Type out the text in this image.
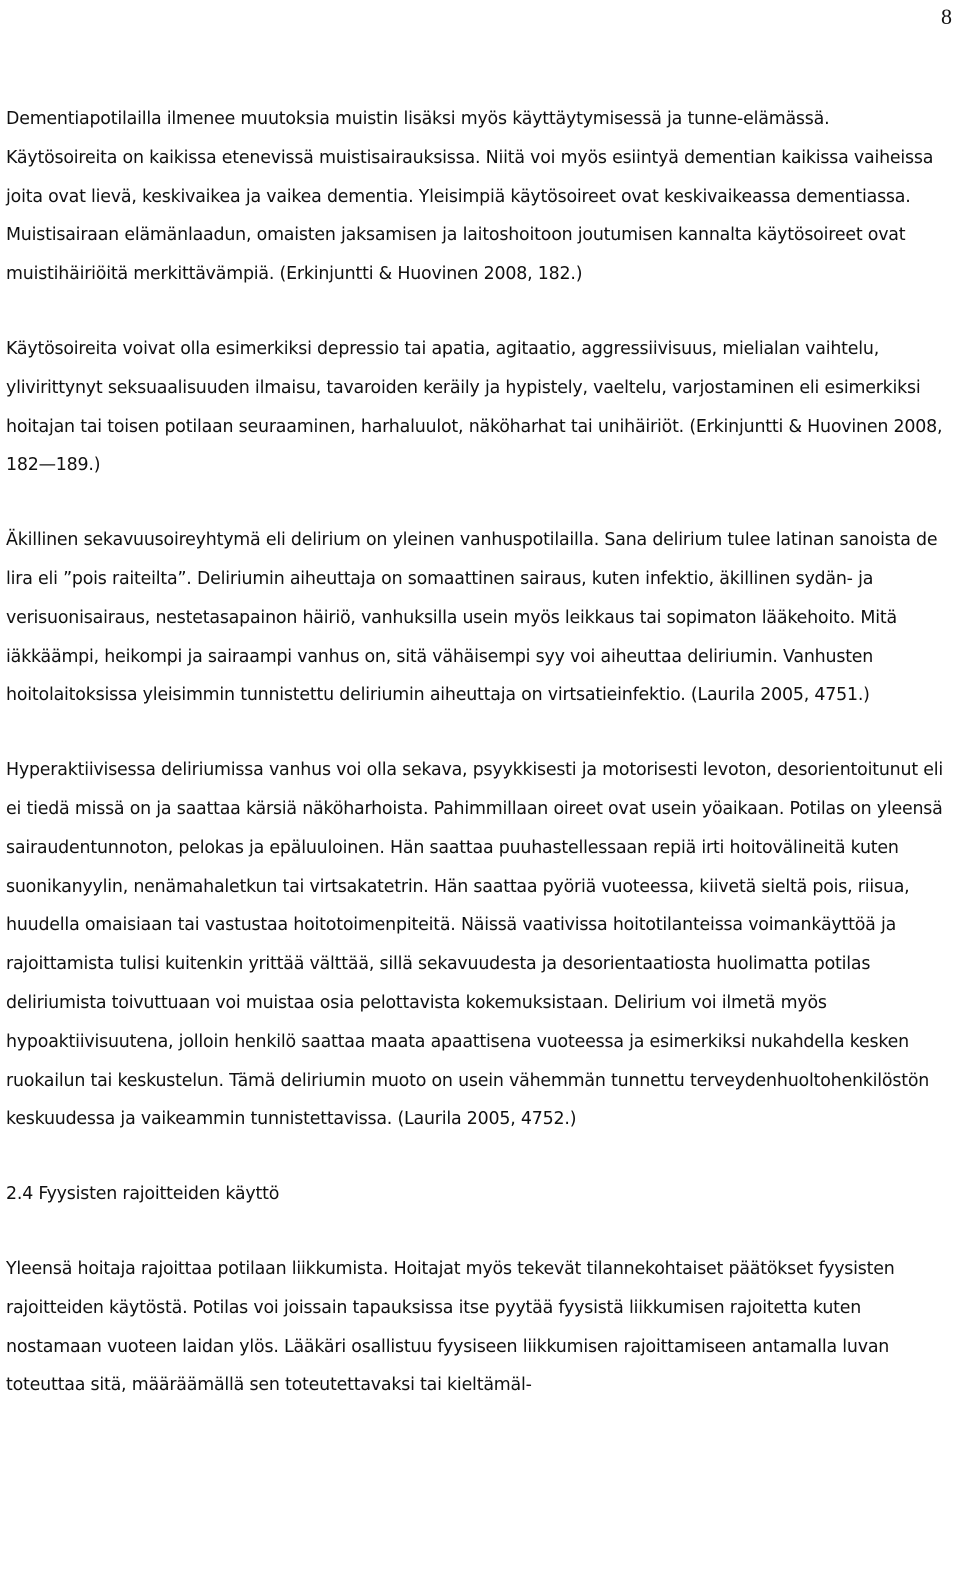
8

Dementiapotilailla ilmenee muutoksia muistin lisäksi myös käyttäytymisessä ja tunne-elämässä. Käytösoireita on kaikissa etenevissä muistisairauksissa. Niitä voi myös esiintyä dementian kaikissa vaiheissa joita ovat lievä, keskivaikea ja vaikea dementia. Yleisimpiä käytösoireet ovat keskivaikeassa dementiassa. Muistisairaan elämänlaadun, omaisten jaksamisen ja laitoshoitoon joutumisen kannalta käytösoireet ovat muistihäiriöitä merkittävämpiä. (Erkinjuntti & Huovinen 2008, 182.)

Käytösoireita voivat olla esimerkiksi depressio tai apatia, agitaatio, aggressiivisuus, mielialan vaihtelu, ylivirittynyt seksuaalisuuden ilmaisu, tavaroiden keräily ja hypistely, vaeltelu, varjostaminen eli esimerkiksi hoitajan tai toisen potilaan seuraaminen, harhaluulot, näköharhat tai unihäiriöt. (Erkinjuntti & Huovinen 2008, 182—189.)

Äkillinen sekavuusoireyhtymä eli delirium on yleinen vanhuspotilailla. Sana delirium tulee latinan sanoista de lira eli ”pois raiteilta”. Deliriumin aiheuttaja on somaattinen sairaus, kuten infektio, äkillinen sydän- ja verisuonisairaus, nestetasapainon häiriö, vanhuksilla usein myös leikkaus tai sopimaton lääkehoito. Mitä iäkkäämpi, heikompi ja sairaampi vanhus on, sitä vähäisempi syy voi aiheuttaa deliriumin. Vanhusten hoitolaitoksissa yleisimmin tunnistettu deliriumin aiheuttaja on virtsatieinfektio. (Laurila 2005, 4751.)

Hyperaktiivisessa deliriumissa vanhus voi olla sekava, psyykkisesti ja motorisesti levoton, desorientoitunut eli ei tiedä missä on ja saattaa kärsiä näköharhoista. Pahimmillaan oireet ovat usein yöaikaan. Potilas on yleensä sairaudentunnoton, pelokas ja epäluuloinen. Hän saattaa puuhastellessaan repiä irti hoitovälineitä kuten suonikanyylin, nenämahaletkun tai virtsakatetrin. Hän saattaa pyöriä vuoteessa, kiivetä sieltä pois, riisua, huudella omaisiaan tai vastustaa hoitotoimenpiteitä. Näissä vaativissa hoitotilanteissa voimankäyttöä ja rajoittamista tulisi kuitenkin yrittää välttää, sillä sekavuudesta ja desorientaatiosta huolimatta potilas deliriumista toivuttuaan voi muistaa osia pelottavista kokemuksistaan. Delirium voi ilmetä myös hypoaktiivisuutena, jolloin henkilö saattaa maata apaattisena vuoteessa ja esimerkiksi nukahdella kesken ruokailun tai keskustelun. Tämä deliriumin muoto on usein vähemmän tunnettu terveydenhuoltohenkilöstön keskuudessa ja vaikeammin tunnistettavissa. (Laurila 2005, 4752.)

2.4 Fyysisten rajoitteiden käyttö

Yleensä hoitaja rajoittaa potilaan liikkumista. Hoitajat myös tekevät tilannekohtaiset päätökset fyysisten rajoitteiden käytöstä. Potilas voi joissain tapauksissa itse pyytää fyysistä liikkumisen rajoitetta kuten nostamaan vuoteen laidan ylös. Lääkäri osallistuu fyysiseen liikkumisen rajoittamiseen antamalla luvan toteuttaa sitä, määräämällä sen toteutettavaksi tai kieltämäl-
